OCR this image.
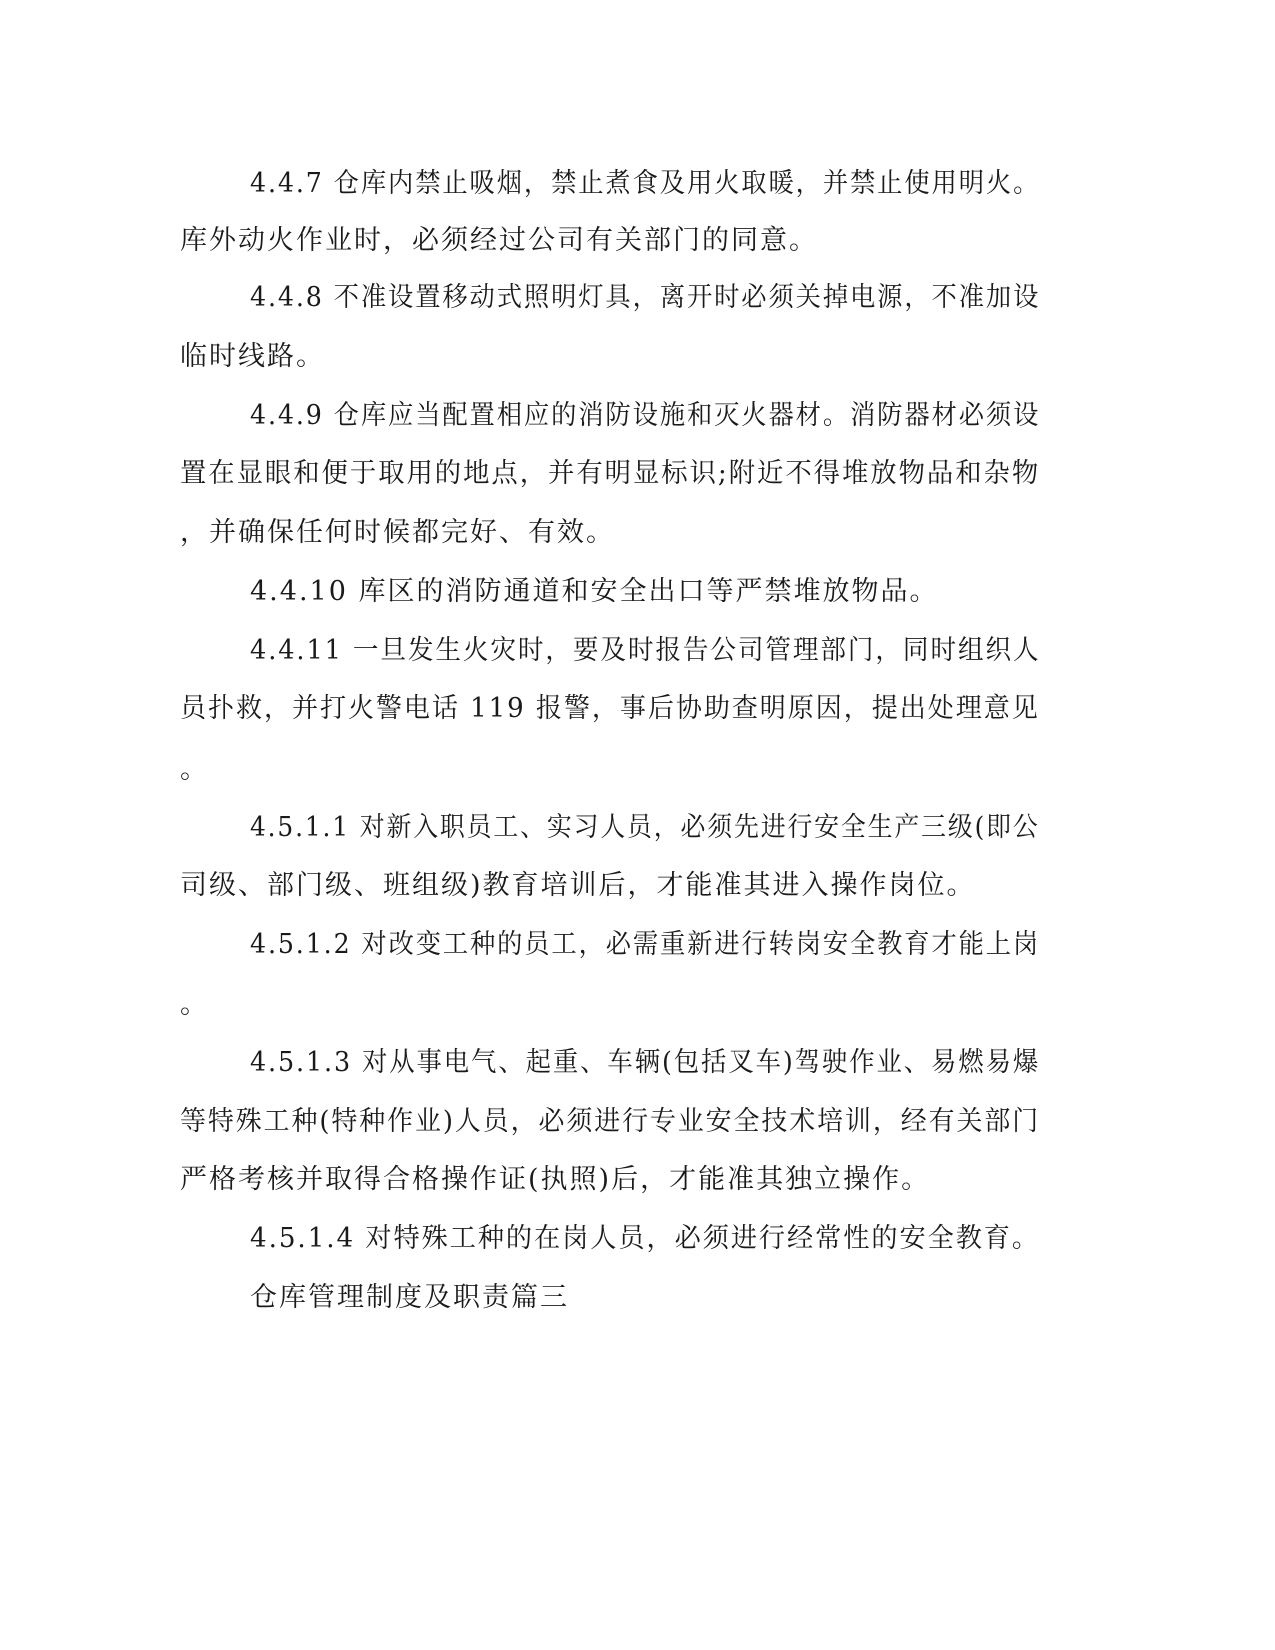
4.4.7 仓库内禁止吸烟，禁止煮食及用火取暖，并禁止使用明火。
库外动火作业时，必须经过公司有关部门的同意。
4.4.8 不准设置移动式照明灯具，离开时必须关掉电源，不准加设
临时线路。
4.4.9 仓库应当配置相应的消防设施和灭火器材。消防器材必须设
置在显眼和便于取用的地点，并有明显标识;附近不得堆放物品和杂物
，并确保任何时候都完好、有效。
4.4.10 库区的消防通道和安全出口等严禁堆放物品。
4.4.11 一旦发生火灾时，要及时报告公司管理部门，同时组织人
员扑救，并打火警电话 119 报警，事后协助查明原因，提出处理意见
。
4.5.1.1 对新入职员工、实习人员，必须先进行安全生产三级(即公
司级、部门级、班组级)教育培训后，才能准其进入操作岗位。
4.5.1.2 对改变工种的员工，必需重新进行转岗安全教育才能上岗
。
4.5.1.3 对从事电气、起重、车辆(包括叉车)驾驶作业、易燃易爆
等特殊工种(特种作业)人员，必须进行专业安全技术培训，经有关部门
严格考核并取得合格操作证(执照)后，才能准其独立操作。
4.5.1.4 对特殊工种的在岗人员，必须进行经常性的安全教育。
仓库管理制度及职责篇三
